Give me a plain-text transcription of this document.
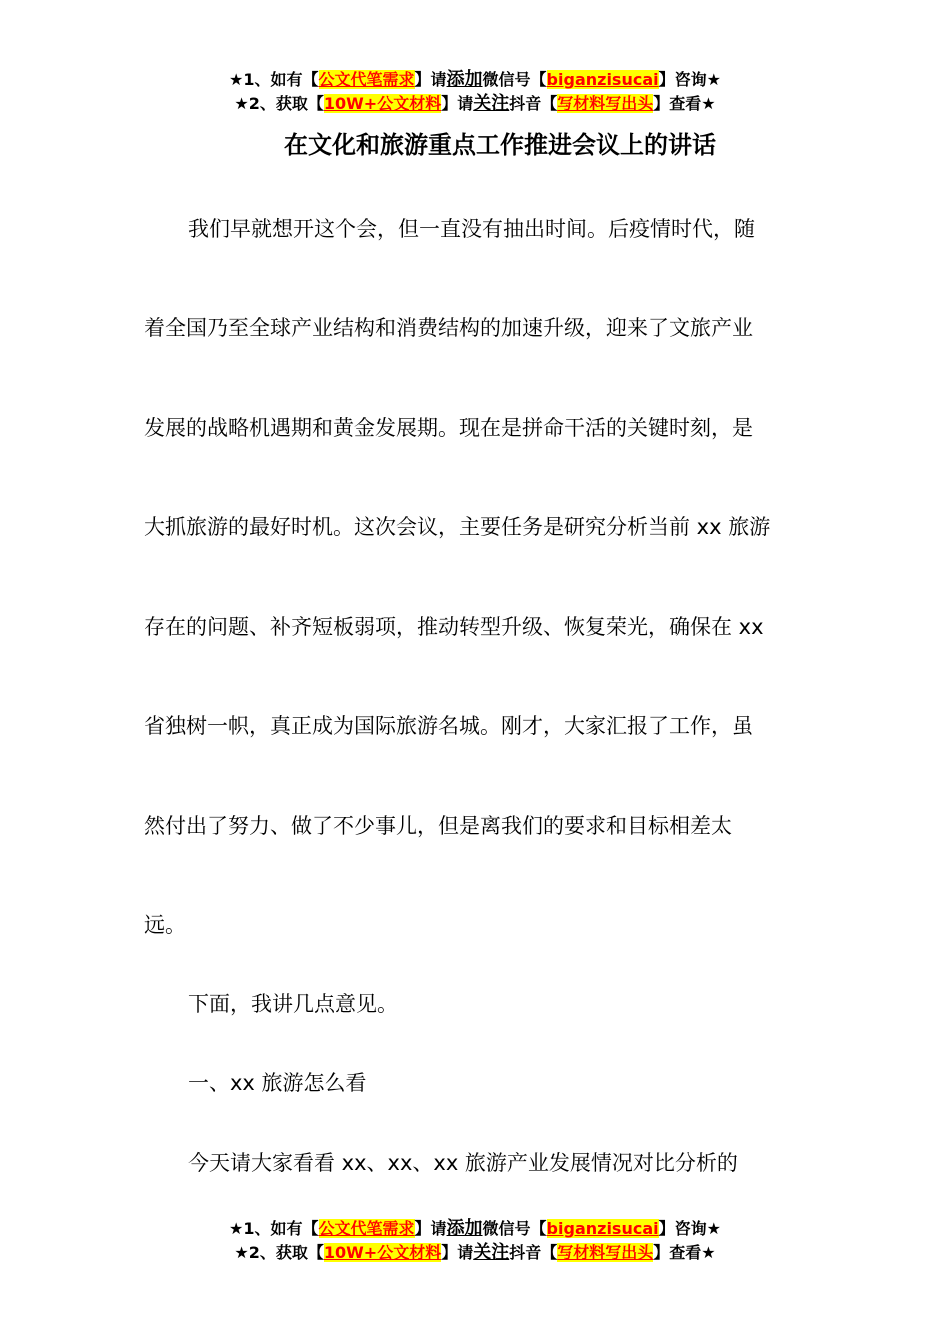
★1、如有【公文代笔需求】请添加微信号【biganzisucai】咨询★
★2、获取【10W+公文材料】请关注抖音【写材料写出头】查看★
在文化和旅游重点工作推进会议上的讲话
我们早就想开这个会，但一直没有抽出时间。后疫情时代，随
着全国乃至全球产业结构和消费结构的加速升级，迎来了文旅产业
发展的战略机遇期和黄金发展期。现在是拼命干活的关键时刻，是
大抓旅游的最好时机。这次会议，主要任务是研究分析当前 xx 旅游
存在的问题、补齐短板弱项，推动转型升级、恢复荣光，确保在 xx
省独树一帜，真正成为国际旅游名城。刚才，大家汇报了工作，虽
然付出了努力、做了不少事儿，但是离我们的要求和目标相差太
远。
下面，我讲几点意见。
一、xx 旅游怎么看
今天请大家看看 xx、xx、xx 旅游产业发展情况对比分析的
★1、如有【公文代笔需求】请添加微信号【biganzisucai】咨询★
★2、获取【10W+公文材料】请关注抖音【写材料写出头】查看★
